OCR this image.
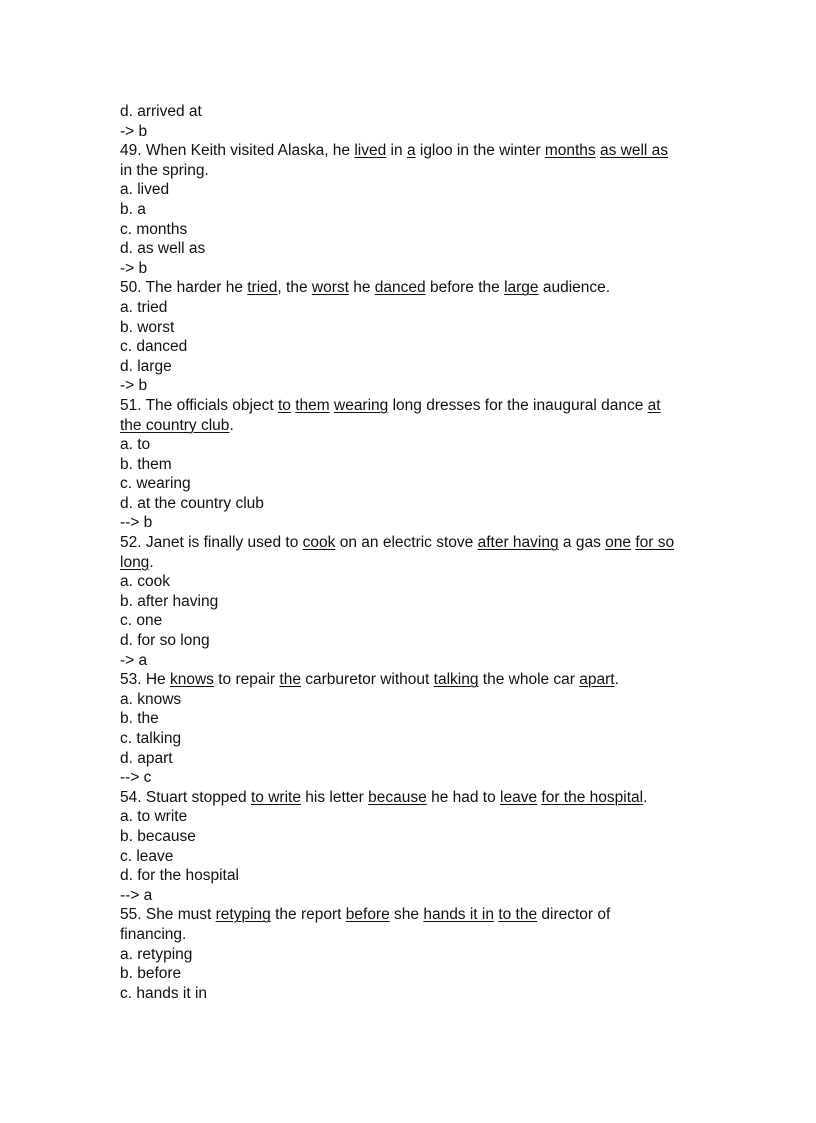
d. arrived at
-> b
49. When Keith visited Alaska, he lived in a igloo in the winter months as well as
in the spring.
a. lived
b. a
c. months
d. as well as
-> b
50. The harder he tried, the worst he danced before the large audience.
a. tried
b. worst
c. danced
d. large
-> b
51. The officials object to them wearing long dresses for the inaugural dance at
the country club.
a. to
b. them
c. wearing
d. at the country club
--> b
52. Janet is finally used to cook on an electric stove after having a gas one for so
long.
a. cook
b. after having
c. one
d. for so long
-> a
53. He knows to repair the carburetor without talking the whole car apart.
a. knows
b. the
c. talking
d. apart
--> c
54. Stuart stopped to write his letter because he had to leave for the hospital.
a. to write
b. because
c. leave
d. for the hospital
--> a
55. She must retyping the report before she hands it in to the director of
financing.
a. retyping
b. before
c. hands it in
